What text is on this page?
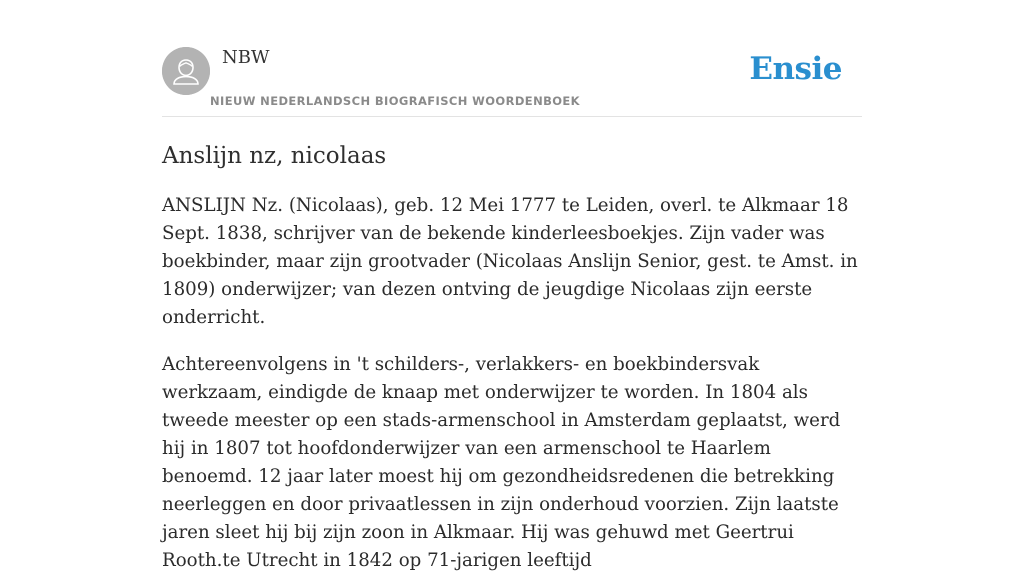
NBW
NIEUW NEDERLANDSCH BIOGRAFISCH WOORDENBOEK
Ensie
Anslijn nz, nicolaas

ANSLIJN Nz. (Nicolaas), geb. 12 Mei 1777 te Leiden, overl. te Alkmaar 18 Sept. 1838, schrijver van de bekende kinderleesboekjes. Zijn vader was boekbinder, maar zijn grootvader (Nicolaas Anslijn Senior, gest. te Amst. in 1809) onderwijzer; van dezen ontving de jeugdige Nicolaas zijn eerste onderricht.

Achtereenvolgens in 't schilders-, verlakkers- en boekbindersvak werkzaam, eindigde de knaap met onderwijzer te worden. In 1804 als tweede meester op een stads-armenschool in Amsterdam geplaatst, werd hij in 1807 tot hoofdonderwijzer van een armenschool te Haarlem benoemd. 12 jaar later moest hij om gezondheidsredenen die betrekking neerleggen en door privaatlessen in zijn onderhoud voorzien. Zijn laatste jaren sleet hij bij zijn zoon in Alkmaar. Hij was gehuwd met Geertrui Rooth.te Utrecht in 1842 op 71-jarigen leeftijd
